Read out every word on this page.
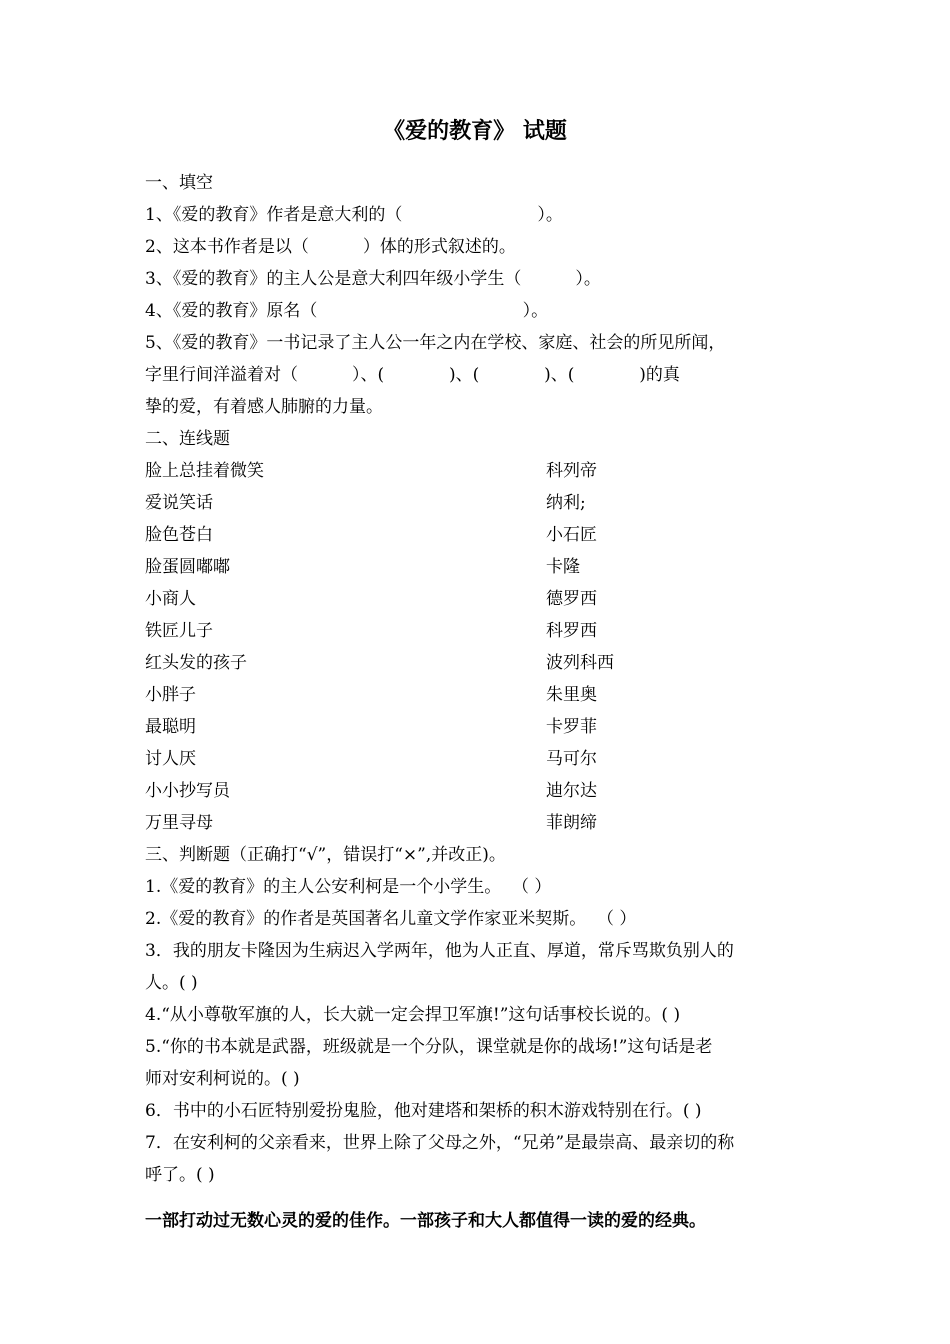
《爱的教育》 试题
一、填空
1、《爱的教育》作者是意大利的（                         ）。
2、这本书作者是以（          ）体的形式叙述的。
3、《爱的教育》的主人公是意大利四年级小学生（          ）。
4、《爱的教育》原名（                                      ）。
5、《爱的教育》一书记录了主人公一年之内在学校、家庭、社会的所见所闻，
字里行间洋溢着对（          ）、(            )、(            )、(            )的真
挚的爱，有着感人肺腑的力量。
二、连线题
脸上总挂着微笑
爱说笑话
脸色苍白
脸蛋圆嘟嘟
小商人
铁匠儿子
红头发的孩子
小胖子
最聪明
讨人厌
小小抄写员
万里寻母
科列帝
纳利;
小石匠
卡隆
德罗西
科罗西
波列科西
朱里奥
卡罗菲
马可尔
迪尔达
菲朗缔
三、判断题（正确打“√”，错误打“×”,并改正)。
1.《爱的教育》的主人公安利柯是一个小学生。  （ ）
2.《爱的教育》的作者是英国著名儿童文学作家亚米契斯。  （ ）
3．我的朋友卡隆因为生病迟入学两年，他为人正直、厚道，常斥骂欺负别人的
人。( )
4.“从小尊敬军旗的人，长大就一定会捍卫军旗!”这句话事校长说的。( )
5.“你的书本就是武器，班级就是一个分队，课堂就是你的战场!”这句话是老
师对安利柯说的。( )
6．书中的小石匠特别爱扮鬼脸，他对建塔和架桥的积木游戏特别在行。( )
7．在安利柯的父亲看来，世界上除了父母之外，“兄弟”是最崇高、最亲切的称
呼了。( )
一部打动过无数心灵的爱的佳作。一部孩子和大人都值得一读的爱的经典。
